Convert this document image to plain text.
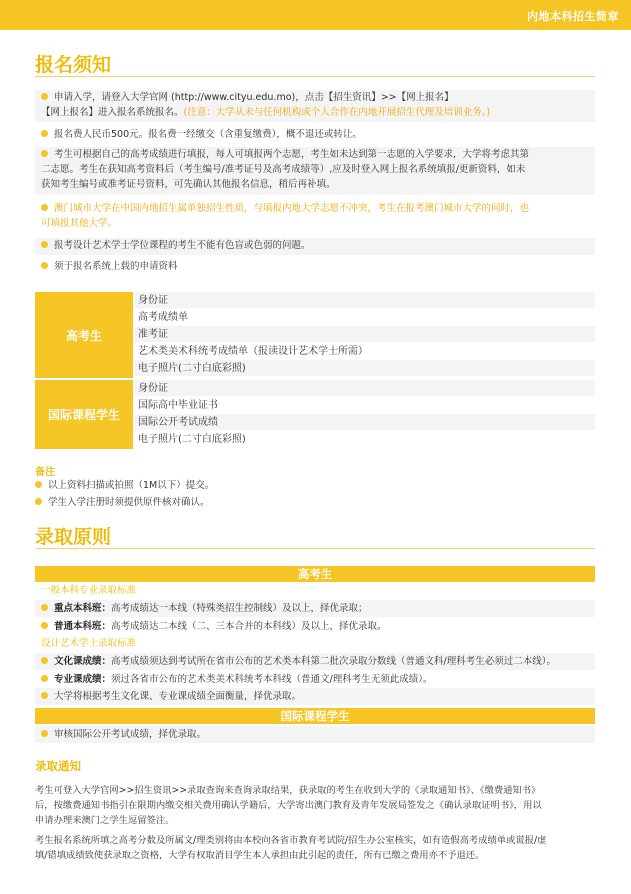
内地本科招生简章
报名须知
申请入学，请登入大学官网 (http://www.cityu.edu.mo)，点击【招生资讯】>>【网上报名】
【网上报名】进入报名系统报名。(注意：大学从未与任何机构或个人合作在内地开展招生代理及培训业务。)
报名费人民币500元。报名费一经缴交（含重复缴费），概不退还或转让。
考生可根据自己的高考成绩进行填报，每人可填报两个志愿，考生如未达到第一志愿的入学要求，大学将考虑其第
二志愿。考生在获知高考资料后（考生编号/准考证号及高考成绩等）,应及时登入网上报名系统填报/更新资料，如未
获知考生编号或准考证号资料，可先确认其他报名信息，稍后再补填。
澳门城市大学在中国内地招生属单独招生性质，与填报内地大学志愿不冲突，考生在报考澳门城市大学的同时，也
可填报其他大学。
报考设计艺术学士学位课程的考生不能有色盲或色弱的问题。
须于报名系统上载的申请资料
高考生
身份证
高考成绩单
准考证
艺术类美术科统考成绩单（报读设计艺术学士所需）
电子照片(二寸白底彩照)
国际课程学生
身份证
国际高中毕业证书
国际公开考试成绩
电子照片(二寸白底彩照)
备注
以上资料扫描或拍照（1M以下）提交。
学生入学注册时须提供原件核对确认。
录取原则
高考生
一般本科专业录取标准
重点本科班：高考成绩达一本线（特殊类招生控制线）及以上，择优录取；
普通本科班：高考成绩达二本线（二、三本合并的本科线）及以上，择优录取。
设计艺术学士录取标准
文化课成绩：高考成绩须达到考试所在省市公布的艺术类本科第二批次录取分数线（普通文科/理科考生必须过二本线）。
专业课成绩：须过各省市公布的艺术类美术科统考本科线（普通文/理科考生无须此成绩）。
大学将根据考生文化课、专业课成绩全面衡量，择优录取。
国际课程学生
审核国际公开考试成绩，择优录取。
录取通知
考生可登入大学官网>>招生资讯>>录取查询来查询录取结果，获录取的考生在收到大学的《录取通知书》、《缴费通知书》
后，按缴费通知书指引在限期内缴交相关费用确认学籍后，大学寄出澳门教育及青年发展局签发之《确认录取证明书》，用以
申请办理来澳门之学生逗留签注。
考生报名系统所填之高考分数及所属文/理类别将由本校向各省市教育考试院/招生办公室核实，如有造假高考成绩单或谎报/虚
填/错填成绩致使获录取之资格，大学有权取消目学生本人承担由此引起的责任，所有已缴之费用亦不予退还。
